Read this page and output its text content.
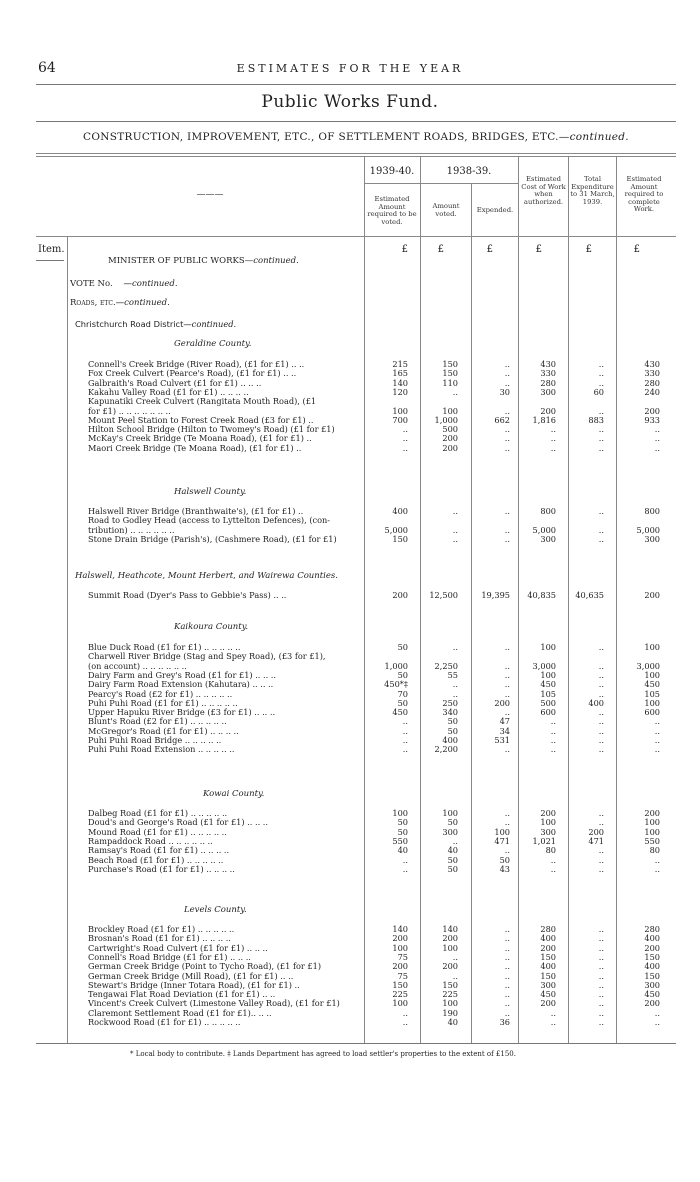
64	ESTIMATES FOR THE YEAR
Public Works Fund.
CONSTRUCTION, IMPROVEMENT, ETC., OF SETTLEMENT ROADS, BRIDGES, ETC.—continued.
———
1939-40.	1938-39.
Estimated Amount required to be voted.
Amount voted.	Expended.
Estimated Cost of Work when authorized.
Total Expenditure to 31 March, 1939.
Estimated Amount required to complete Work.
Item.	£	£	£	£	£	£
MINISTER OF PUBLIC WORKS—continued.
VOTE No. —continued.
Roads, etc.—continued.
Christchurch Road District—continued.
Geraldine County.
Connell's Creek Bridge (River Road), (£1 for £1) .. ..	215	150	..	430	..	430
Fox Creek Culvert (Pearce's Road), (£1 for £1) .. ..	165	150	..	330	..	330
Galbraith's Road Culvert (£1 for £1) .. .. ..	140	110	..	280	..	280
Kakahu Valley Road (£1 for £1) .. .. .. ..	120	..	30	300	60	240
Kapunatiki Creek Culvert (Rangitata Mouth Road), (£1
for £1) .. .. .. .. .. .. ..	100	100	..	200	..	200
Mount Peel Station to Forest Creek Road (£3 for £1) ..	700	1,000	662	1,816	883	933
Hilton School Bridge (Hilton to Twomey's Road) (£1 for £1)	..	500	..	..	..	..
McKay's Creek Bridge (Te Moana Road), (£1 for £1) ..	..	200	..	..	..	..
Maori Creek Bridge (Te Moana Road), (£1 for £1) ..	..	200	..	..	..	..
Halswell County.
Halswell River Bridge (Branthwaite's), (£1 for £1) ..	400	..	..	800	..	800
Road to Godley Head (access to Lyttelton Defences), (con-
tribution) .. .. .. .. .. ..	5,000	..	..	5,000	..	5,000
Stone Drain Bridge (Parish's), (Cashmere Road), (£1 for £1)	150	..	..	300	..	300
Halswell, Heathcote, Mount Herbert, and Wairewa Counties.
Summit Road (Dyer's Pass to Gebbie's Pass) .. ..	200	12,500	19,395	40,835	40,635	200
Kaikoura County.
Blue Duck Road (£1 for £1) .. .. .. .. ..	50	..	..	100	..	100
Charwell River Bridge (Stag and Spey Road), (£3 for £1),
(on account) .. .. .. .. .. ..	1,000	2,250	..	3,000	..	3,000
Dairy Farm and Grey's Road (£1 for £1) .. .. ..	50	55	..	100	..	100
Dairy Farm Road Extension (Kahutara) .. .. ..	450*‡	..	..	450	..	450
Pearcy's Road (£2 for £1) .. .. .. .. ..	70	..	..	105	..	105
Puhi Puhi Road (£1 for £1) .. .. .. .. ..	50	250	200	500	400	100
Upper Hapuku River Bridge (£3 for £1) .. .. ..	450	340	..	600	..	600
Blunt's Road (£2 for £1) .. .. .. .. ..	..	50	47	..	..	..
McGregor's Road (£1 for £1) .. .. .. ..	..	50	34	..	..	..
Puhi Puhi Road Bridge .. .. .. .. ..	..	400	531	..	..	..
Puhi Puhi Road Extension .. .. .. .. ..	..	2,200	..	..	..	..
Kowai County.
Dalbeg Road (£1 for £1) .. .. .. .. ..	100	100	..	200	..	200
Doud's and George's Road (£1 for £1) .. .. ..	50	50	..	100	..	100
Mound Road (£1 for £1) .. .. .. .. ..	50	300	100	300	200	100
Rampaddock Road .. .. .. .. .. ..	550	..	471	1,021	471	550
Ramsay's Road (£1 for £1) .. .. .. ..	40	40	..	80	..	80
Beach Road (£1 for £1) .. .. .. .. ..	..	50	50	..	..	..
Purchase's Road (£1 for £1) .. .. .. ..	..	50	43	..	..	..
Levels County.
Brockley Road (£1 for £1) .. .. .. .. ..	140	140	..	280	..	280
Brosnan's Road (£1 for £1) .. .. .. ..	200	200	..	400	..	400
Cartwright's Road Culvert (£1 for £1) .. .. ..	100	100	..	200	..	200
Connell's Road Bridge (£1 for £1) .. .. ..	75	..	..	150	..	150
German Creek Bridge (Point to Tycho Road), (£1 for £1)	200	200	..	400	..	400
German Creek Bridge (Mill Road), (£1 for £1) .. ..	75	..	..	150	..	150
Stewart's Bridge (Inner Totara Road), (£1 for £1) ..	150	150	..	300	..	300
Tengawai Flat Road Deviation (£1 for £1) .. ..	225	225	..	450	..	450
Vincent's Creek Culvert (Limestone Valley Road), (£1 for £1)	100	100	..	200	..	200
Claremont Settlement Road (£1 for £1).. .. ..	..	190	..	..	..	..
Rockwood Road (£1 for £1) .. .. .. .. ..	..	40	36	..	..	..
* Local body to contribute. ‡ Lands Department has agreed to load settler's properties to the extent of £150.
